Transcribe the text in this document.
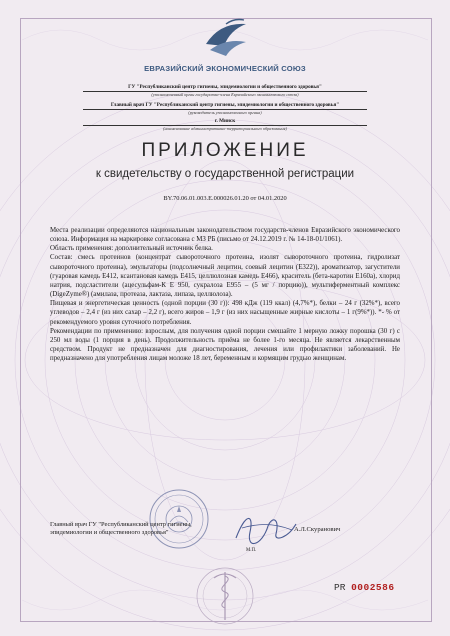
ЕВРАЗИЙСКИЙ ЭКОНОМИЧЕСКИЙ СОЮЗ
ГУ "Республиканский центр гигиены, эпидемиологии и общественного здоровья"
(уполномоченный орган государства-члена Евразийского экономического союза)
Главный врач ГУ "Республиканский центр гигиены, эпидемиологии и общественного здоровья"
(руководитель уполномоченного органа)
г. Минск
(наименование административно-территориального образования)
ПРИЛОЖЕНИЕ
к свидетельству о государственной регистрации
BY.70.06.01.003.E.000026.01.20 от 04.01.2020

Места реализации определяются национальным законодательством государств-членов Евразийского экономического союза. Информация на маркировке согласована с МЗ РБ (письмо от 24.12.2019 г. № 14-18-01/1061).

Область применения: дополнительный источник белка.

Состав: смесь протеинов (концентрат сывороточного протеина, изолят сывороточного протеина, гидролизат сывороточного протеина), эмульгаторы (подсолнечный лецитин, соевый лецитин (E322)), ароматизатор, загустители (гуаровая камедь E412, ксантановая камедь E415, целлюлозная камедь E466), краситель (бета-каротин E160a), хлорид натрия, подсластители (ацесульфам-К E 950, сукралоза E955 – (5 мг / порцию)), мультиферментный комплекс (DigeZyme®) (амилаза, протеаза, лактаза, липаза, целлюлоза).

Пищевая и энергетическая ценность (одной порции (30 г)): 498 кДж (119 ккал) (4,7%*), белки – 24 г (32%*), всего углеводов – 2,4 г (из них сахар – 2,2 г), всего жиров – 1,9 г (из них насыщенные жирные кислоты – 1 г(9%*)). *- % от рекомендуемого уровня суточного потребления.

Рекомендации по применению: взрослым, для получения одной порции смешайте 1 мерную ложку порошка (30 г) с 250 мл воды (1 порция в день). Продолжительность приёма не более 1-го месяца. Не является лекарственным средством. Продукт не предназначен для диагностирования, лечения или профилактики заболеваний. Не предназначено для употребления лицам моложе 18 лет, беременным и кормящим грудью женщинам.

Главный врач ГУ "Республиканский центр гигиены, эпидемиологии и общественного здоровья"	А.Л.Скуранович
М.П.
PR 0002586
